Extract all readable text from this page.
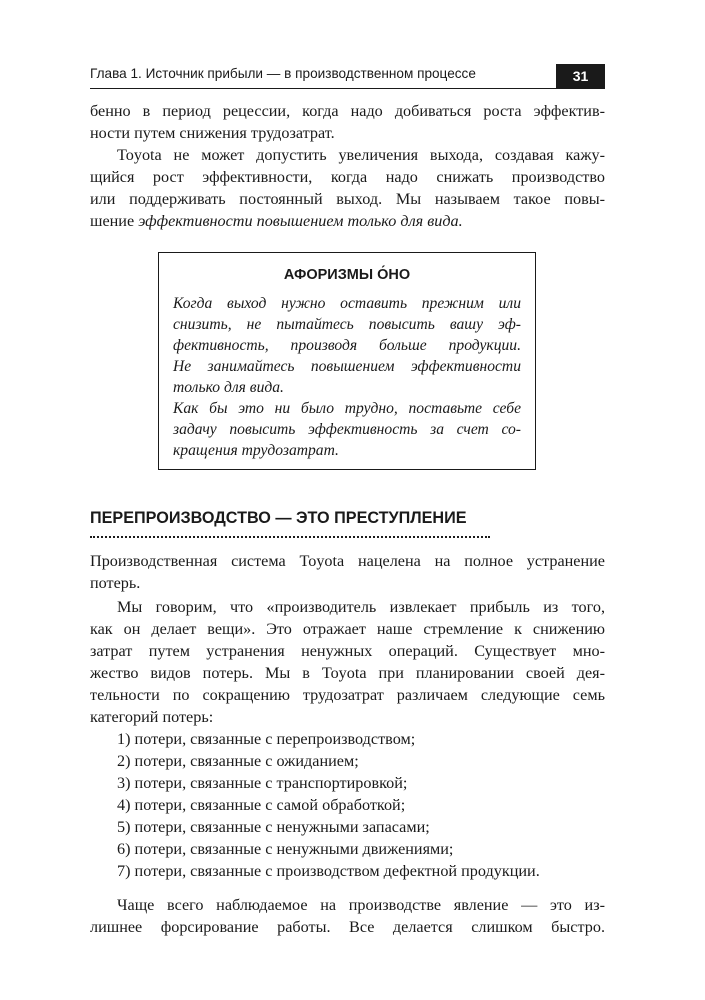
Глава 1. Источник прибыли — в производственном процессе	31
бенно в период рецессии, когда надо добиваться роста эффектив-
ности путем снижения трудозатрат.
Toyota не может допустить увеличения выхода, создавая кажу-
щийся рост эффективности, когда надо снижать производство
или поддерживать постоянный выход. Мы называем такое повы-
шение эффективности повышением только для вида.
АФОРИЗМЫ О́НО
Когда выход нужно оставить прежним или
снизить, не пытайтесь повысить вашу эф-
фективность, производя больше продукции.
Не занимайтесь повышением эффективности
только для вида.
Как бы это ни было трудно, поставьте себе
задачу повысить эффективность за счет со-
кращения трудозатрат.
ПЕРЕПРОИЗВОДСТВО — ЭТО ПРЕСТУПЛЕНИЕ
Производственная система Toyota нацелена на полное устранение
потерь.
Мы говорим, что «производитель извлекает прибыль из того,
как он делает вещи». Это отражает наше стремление к снижению
затрат путем устранения ненужных операций. Существует мно-
жество видов потерь. Мы в Toyota при планировании своей дея-
тельности по сокращению трудозатрат различаем следующие семь
категорий потерь:
1) потери, связанные с перепроизводством;
2) потери, связанные с ожиданием;
3) потери, связанные с транспортировкой;
4) потери, связанные с самой обработкой;
5) потери, связанные с ненужными запасами;
6) потери, связанные с ненужными движениями;
7) потери, связанные с производством дефектной продукции.
Чаще всего наблюдаемое на производстве явление — это из-
лишнее форсирование работы. Все делается слишком быстро.
